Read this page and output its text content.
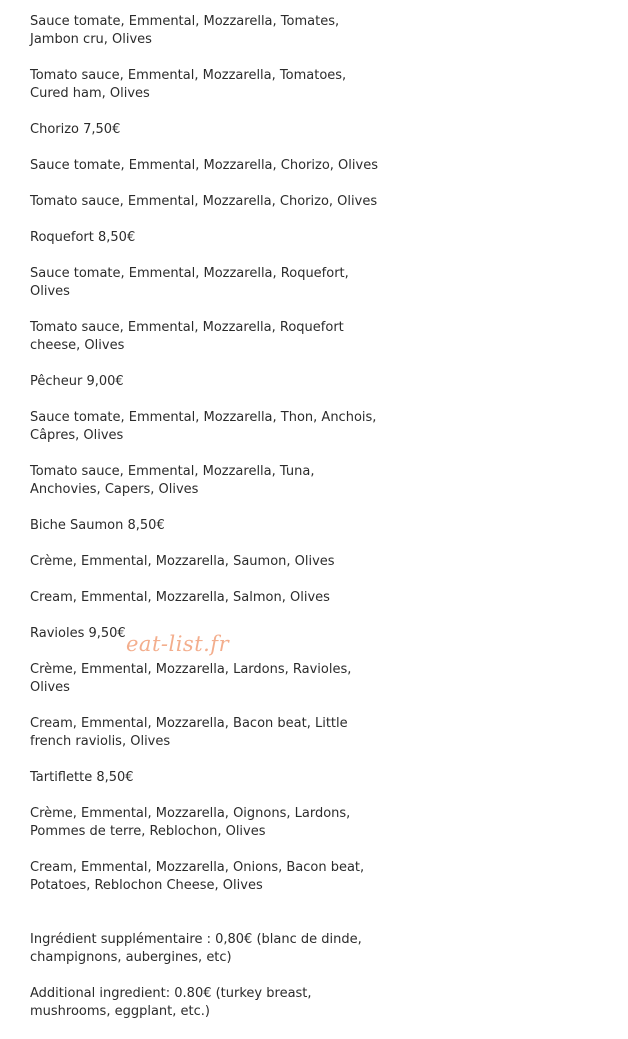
Sauce tomate, Emmental, Mozzarella, Tomates, Jambon cru, Olives

Tomato sauce, Emmental, Mozzarella, Tomatoes, Cured ham, Olives

Chorizo 7,50€

Sauce tomate, Emmental, Mozzarella, Chorizo, Olives

Tomato sauce, Emmental, Mozzarella, Chorizo, Olives

Roquefort 8,50€

Sauce tomate, Emmental, Mozzarella, Roquefort, Olives

Tomato sauce, Emmental, Mozzarella, Roquefort cheese, Olives

Pêcheur 9,00€

Sauce tomate, Emmental, Mozzarella, Thon, Anchois, Câpres, Olives

Tomato sauce, Emmental, Mozzarella, Tuna, Anchovies, Capers, Olives

Biche Saumon 8,50€

Crème, Emmental, Mozzarella, Saumon, Olives

Cream, Emmental, Mozzarella, Salmon, Olives

Ravioles 9,50€

Crème, Emmental, Mozzarella, Lardons, Ravioles, Olives

Cream, Emmental, Mozzarella, Bacon beat, Little french raviolis, Olives

Tartiflette 8,50€

Crème, Emmental, Mozzarella, Oignons, Lardons, Pommes de terre, Reblochon, Olives

Cream, Emmental, Mozzarella, Onions, Bacon beat, Potatoes, Reblochon Cheese, Olives

Ingrédient supplémentaire : 0,80€ (blanc de dinde, champignons, aubergines, etc)

Additional ingredient: 0.80€ (turkey breast, mushrooms, eggplant, etc.)

eat-list.fr
